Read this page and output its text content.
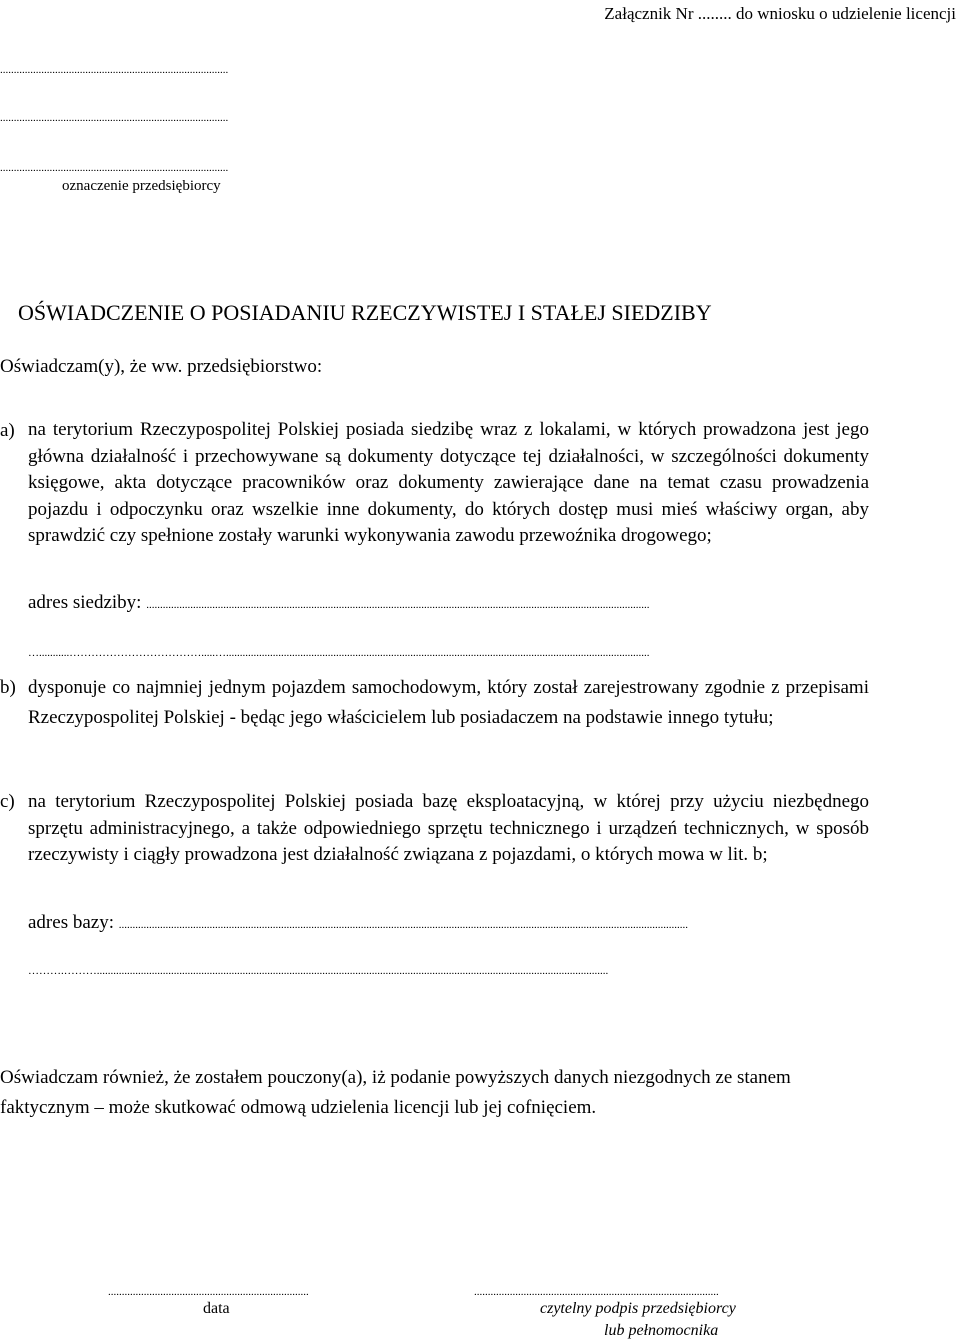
Załącznik Nr ........ do wniosku o udzielenie licencji
...................................................................................
...................................................................................
...................................................................................
oznaczenie przedsiębiorcy
OŚWIADCZENIE O POSIADANIU RZECZYWISTEJ I STAŁEJ SIEDZIBY
Oświadczam(y), że ww. przedsiębiorstwo:
a) na terytorium Rzeczypospolitej Polskiej posiada siedzibę wraz z lokalami, w których prowadzona jest jego główna działalność i przechowywane są dokumenty dotyczące tej działalności, w szczególności dokumenty księgowe, akta dotyczące pracowników oraz dokumenty zawierające dane na temat czasu prowadzenia pojazdu i odpoczynku oraz wszelkie inne dokumenty, do których dostęp musi mieś właściwy organ, aby sprawdzić czy spełnione zostały warunki wykonywania zawodu przewoźnika drogowego;
adres siedziby: .......................................................................................................................................................................................
…...........……………………………….....…..........................................................................................................................................................
b) dysponuje co najmniej jednym pojazdem samochodowym, który został zarejestrowany zgodnie z przepisami Rzeczypospolitej Polskiej - będąc jego właścicielem lub posiadaczem na podstawie innego tytułu;
c) na terytorium Rzeczypospolitej Polskiej posiada bazę eksploatacyjną, w której przy użyciu niezbędnego sprzętu administracyjnego, a także odpowiedniego sprzętu technicznego i urządzeń technicznych, w sposób rzeczywisty i ciągły prowadzona jest działalność związana z pojazdami, o których mowa w lit. b;
adres bazy: ...............................................................................................................................................................................................................
……….………..........................................................................................................................................................................................
Oświadczam również, że zostałem pouczony(a), iż podanie powyższych danych niezgodnych ze stanem faktycznym – może skutkować odmową udzielenia licencji lub jej cofnięciem.
.........................................................................
data
.........................................................................................
czytelny podpis przedsiębiorcy
lub pełnomocnika
